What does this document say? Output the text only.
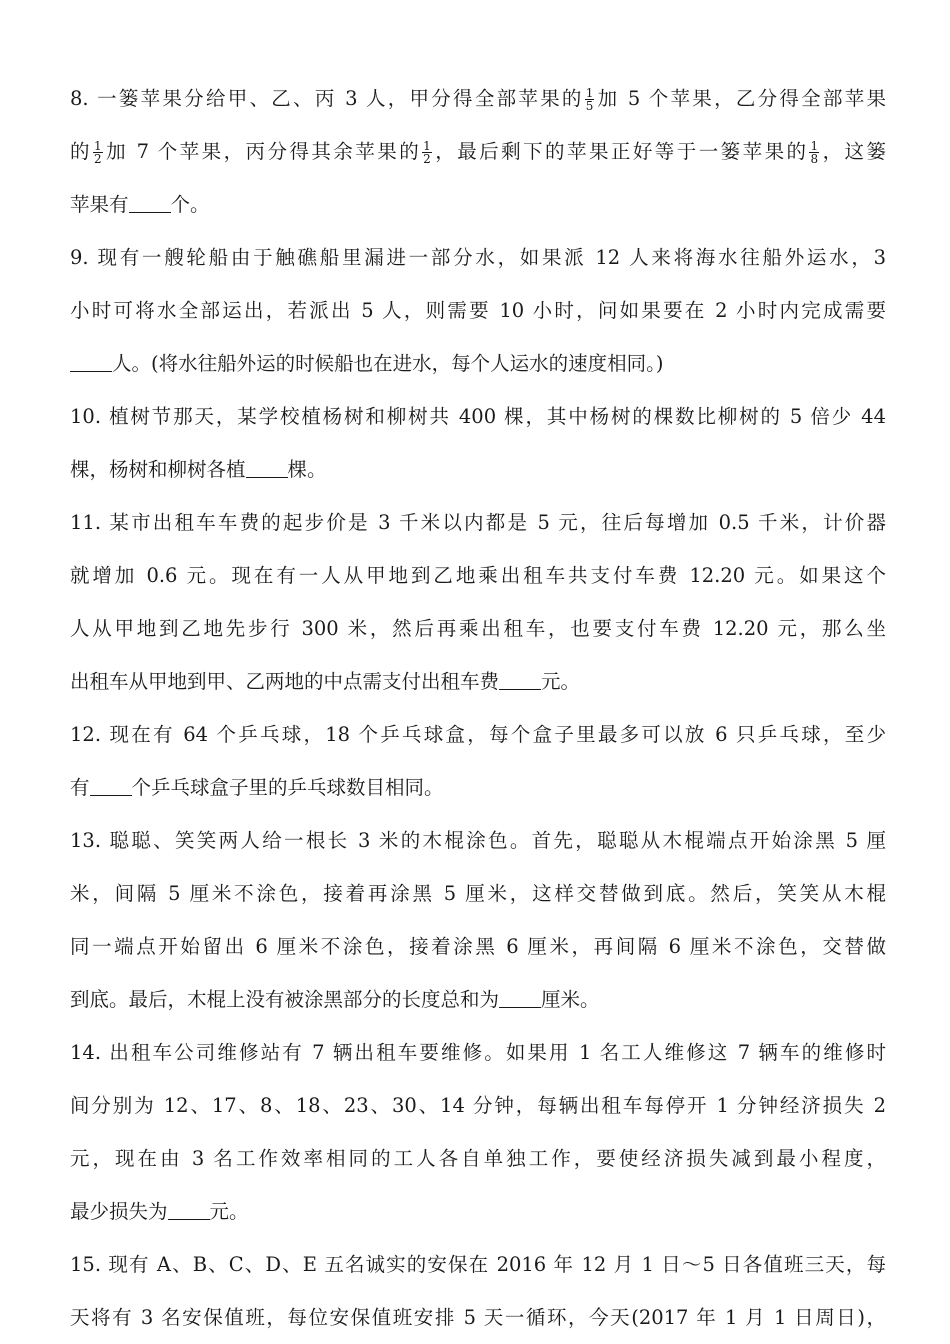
8. 一篓苹果分给甲、乙、丙 3 人，甲分得全部苹果的 $\frac{1}{5}$ 加 5 个苹果，乙分得全部苹果

的 $\frac{1}{2}$ 加 7 个苹果，丙分得其余苹果的 $\frac{1}{2}$ ，最后剩下的苹果正好等于一篓苹果的 $\frac{1}{8}$ ，这篓

苹果有 个。

9. 现有一艘轮船由于触礁船里漏进一部分水，如果派 12 人来将海水往船外运水，3

小时可将水全部运出，若派出 5 人，则需要 10 小时，问如果要在 2 小时内完成需要

人。(将水往船外运的时候船也在进水，每个人运水的速度相同。)

10. 植树节那天，某学校植杨树和柳树共 400 棵，其中杨树的棵数比柳树的 5 倍少 44

棵，杨树和柳树各植 棵。

11. 某市出租车车费的起步价是 3 千米以内都是 5 元，往后每增加 0.5 千米，计价器

就增加 0.6 元。现在有一人从甲地到乙地乘出租车共支付车费 12.20 元。如果这个

人从甲地到乙地先步行 300 米，然后再乘出租车，也要支付车费 12.20 元，那么坐

出租车从甲地到甲、乙两地的中点需支付出租车费 元。

12. 现在有 64 个乒乓球，18 个乒乓球盒，每个盒子里最多可以放 6 只乒乓球，至少

有 个乒乓球盒子里的乒乓球数目相同。

13. 聪聪、笑笑两人给一根长 3 米的木棍涂色。首先，聪聪从木棍端点开始涂黑 5 厘

米，间隔 5 厘米不涂色，接着再涂黑 5 厘米，这样交替做到底。然后，笑笑从木棍

同一端点开始留出 6 厘米不涂色，接着涂黑 6 厘米，再间隔 6 厘米不涂色，交替做

到底。最后，木棍上没有被涂黑部分的长度总和为 厘米。

14. 出租车公司维修站有 7 辆出租车要维修。如果用 1 名工人维修这 7 辆车的维修时

间分别为 12、17、8、18、23、30、14 分钟，每辆出租车每停开 1 分钟经济损失 2

元，现在由 3 名工作效率相同的工人各自单独工作，要使经济损失减到最小程度，

最少损失为 元。

15. 现有 A、B、C、D、E 五名诚实的安保在 2016 年 12 月 1 日～5 日各值班三天，每

天将有 3 名安保值班，每位安保值班安排 5 天一循环，今天(2017 年 1 月 1 日周日)，
